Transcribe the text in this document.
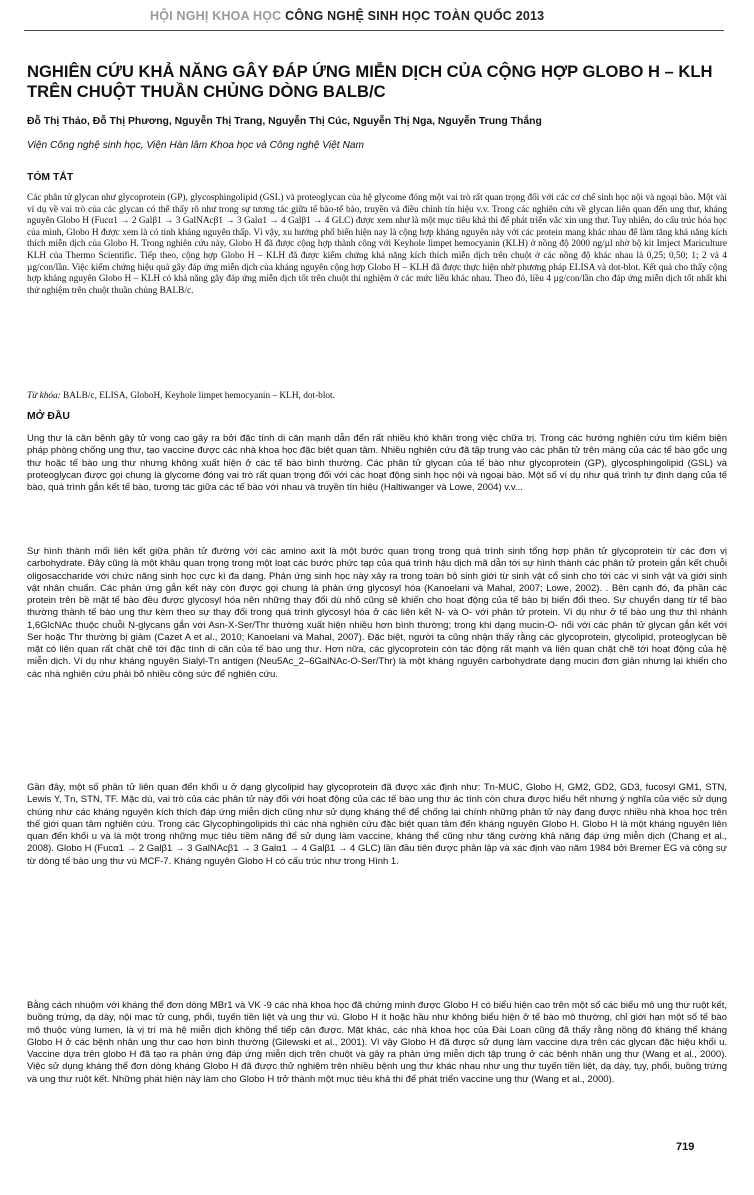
HỘI NGHỊ KHOA HỌC CÔNG NGHỆ SINH HỌC TOÀN QUỐC 2013
NGHIÊN CỨU KHẢ NĂNG GÂY ĐÁP ỨNG MIỄN DỊCH CỦA CỘNG HỢP GLOBO H – KLH TRÊN CHUỘT THUẦN CHỦNG DÒNG BALB/C
Đỗ Thị Thảo, Đỗ Thị Phương, Nguyễn Thị Trang, Nguyễn Thị Cúc, Nguyễn Thị Nga, Nguyễn Trung Thắng
Viện Công nghệ sinh học, Viện Hàn lâm Khoa học và Công nghệ Việt Nam
TÓM TẮT

Các phân tử glycan như glycoprotein (GP), glycosphingolipid (GSL) và proteoglycan của hệ glycome đóng một vai trò rất quan trọng đối với các cơ chế sinh học nội và ngoại bào. Một vài ví dụ về vai trò của các glycan có thể thấy rõ như trong sự tương tác giữa tế bào-tế bào, truyền và điều chỉnh tín hiệu v.v. Trong các nghiên cứu về glycan liên quan đến ung thư, kháng nguyên Globo H (Fucα1 → 2 Galβ1 → 3 GalNAcβ1 → 3 Galα1 → 4 Galβ1 → 4 GLC) được xem như là một mục tiêu khả thi để phát triển vắc xin ung thư. Tuy nhiên, do cấu trúc hóa học của mình, Globo H được xem là có tính kháng nguyên thấp. Vì vậy, xu hướng phổ biến hiện nay là cộng hợp kháng nguyên này với các protein mang khác nhau để làm tăng khả năng kích thích miễn dịch của Globo H. Trong nghiên cứu này, Globo H đã được cộng hợp thành công với Keyhole limpet hemocyanin (KLH) ở nồng độ 2000 ng/µl nhờ bộ kit Imject Mariculture KLH của Thermo Scientific. Tiếp theo, cộng hợp Globo H – KLH đã được kiểm chứng khả năng kích thích miễn dịch trên chuột ở các nồng độ khác nhau là 0,25; 0,50; 1; 2 và 4 µg/con/lần. Việc kiểm chứng hiệu quả gây đáp ứng miễn dịch của kháng nguyên cộng hợp Globo H – KLH đã được thực hiện nhờ phương pháp ELISA và dot-blot. Kết quả cho thấy cộng hợp kháng nguyên Globo H – KLH có khả năng gây đáp ứng miễn dịch tốt trên chuột thí nghiệm ở các mức liều khác nhau. Theo đó, liều 4 µg/con/lần cho đáp ứng miễn dịch tốt nhất khi thử nghiệm trên chuột thuần chủng BALB/c.

Từ khóa: BALB/c, ELISA, GloboH, Keyhole limpet hemocyanin – KLH, dot-blot.

MỞ ĐẦU

Ung thư là căn bệnh gây tử vong cao gây ra bởi đặc tính di căn mạnh dẫn đến rất nhiều khó khăn trong việc chữa trị. Trong các hướng nghiên cứu tìm kiếm biện pháp phòng chống ung thư, tạo vaccine được các nhà khoa học đặc biệt quan tâm. Nhiều nghiên cứu đã tập trung vào các phân tử trên màng của các tế bào gốc ung thư hoặc tế bào ung thư nhưng không xuất hiện ở các tế bào bình thường. Các phân tử glycan của tế bào như glycoprotein (GP), glycosphingolipid (GSL) và proteoglycan được gọi chung là glycome đóng vai trò rất quan trọng đối với các hoạt động sinh học nội và ngoại bào. Một số ví dụ như quá trình tự định dạng của tế bào, quá trình gắn kết tế bào, tương tác giữa các tế bào với nhau và truyền tín hiệu (Haltiwanger và Lowe, 2004) v.v...

Sự hình thành mối liên kết giữa phân tử đường với các amino axit là một bước quan trọng trong quá trình sinh tổng hợp phân tử glycoprotein từ các đơn vị carbohydrate. Đây cũng là một khâu quan trọng trong một loạt các bước phức tạp của quá trình hậu dịch mã dẫn tới sự hình thành các phân tử protein gắn kết chuỗi oligosaccharide với chức năng sinh học cực kì đa dạng. Phản ứng sinh học này xảy ra trong toàn bộ sinh giới từ sinh vật cổ sinh cho tới các vi sinh vật và giới sinh vật nhân chuẩn. Các phản ứng gắn kết này còn được gọi chung là phản ứng glycosyl hóa (Kanoelani và Mahal, 2007; Lowe, 2002). . Bên cạnh đó, đa phần các protein trên bề mặt tế bào đều được glycosyl hóa nên những thay đổi dù nhỏ cũng sẽ khiến cho hoạt động của tế bào bị biến đổi theo. Sự chuyển dạng từ tế bào thường thành tế bào ung thư kèm theo sự thay đổi trong quá trình glycosyl hóa ở các liên kết N- và O- với phân tử protein. Ví dụ như ở tế bào ung thư thì nhánh 1,6GlcNAc thuộc chuỗi N-glycans gắn với Asn-X-Ser/Thr thường xuất hiện nhiều hơn bình thường; trong khi dạng mucin-O- nối với các phân tử glycan gắn kết với Ser hoặc Thr thường bị giảm (Cazet A et al., 2010; Kanoelani và Mahal, 2007). Đặc biệt, người ta cũng nhận thấy rằng các glycoprotein, glycolipid, proteoglycan bề mặt có liên quan rất chặt chẽ tới đặc tính di căn của tế bào ung thư. Hơn nữa, các glycoprotein còn tác động rất mạnh và liên quan chặt chẽ tới hoạt động của hệ miễn dịch. Ví dụ như kháng nguyên Sialyl-Tn antigen (Neu5Ac_2–6GalNAc-O-Ser/Thr) là một kháng nguyên carbohydrate dạng mucin đơn giản nhưng lại khiến cho các nhà nghiên cứu phải bỏ nhiều công sức để nghiên cứu.

Gần đây, một số phân tử liên quan đến khối u ở dạng glycolipid hay glycoprotein đã được xác định như: Tn-MUC, Globo H, GM2, GD2, GD3, fucosyl GM1, STN, Lewis Y, Tn, STN, TF. Mặc dù, vai trò của các phân tử này đối với hoạt động của các tế bào ung thư ác tính còn chưa được hiểu hết nhưng ý nghĩa của việc sử dụng chúng như các kháng nguyên kích thích đáp ứng miễn dịch cũng như sử dụng kháng thể để chống lại chính những phân tử này đang được nhiều nhà khoa học trên thế giới quan tâm nghiên cứu. Trong các Glycophingolipids thì các nhà nghiên cứu đặc biệt quan tâm đến kháng nguyên Globo H. Globo H là một kháng nguyên liên quan đến khối u và là một trong những mục tiêu tiềm năng để sử dụng làm vaccine, kháng thể cũng như tăng cường khả năng đáp ứng miễn dịch (Chang et al., 2008). Globo H (Fucα1 → 2 Galβ1 → 3 GalNAcβ1 → 3 Galα1 → 4 Galβ1 → 4 GLC) lần đầu tiên được phân lập và xác định vào năm 1984 bởi Bremer EG và cộng sự từ dòng tế bào ung thư vú MCF-7. Kháng nguyên Globo H có cấu trúc như trong Hình 1.

Bằng cách nhuộm với kháng thể đơn dòng MBr1 và VK -9 các nhà khoa học đã chứng minh được Globo H có biểu hiện cao trên một số các biểu mô ung thư ruột kết, buồng trứng, dạ dày, nội mạc tử cung, phổi, tuyến tiền liệt và ung thư vú. Globo H ít hoặc hầu như không biểu hiện ở tế bào mô thường, chỉ giới hạn một số tế bào mô thuộc vùng lumen, là vị trí mà hệ miễn dịch không thể tiếp cận được. Mặt khác, các nhà khoa học của Đài Loan cũng đã thấy rằng nồng độ kháng thể kháng Globo H ở các bệnh nhân ung thư cao hơn bình thường (Gilewski et al., 2001). Vì vậy Globo H đã được sử dụng làm vaccine dựa trên các glycan đặc hiệu khối u. Vaccine dựa trên globo H đã tạo ra phản ứng đáp ứng miễn dịch trên chuột và gây ra phản ứng miễn dịch tập trung ở các bệnh nhân ung thư (Wang et al., 2000). Việc sử dụng kháng thể đơn dòng kháng Globo H đã được thử nghiệm trên nhiều bệnh ung thư khác nhau như ung thư tuyến tiền liệt, dạ dày, tụy, phổi, buồng trứng và ung thư ruột kết. Những phát hiện này làm cho Globo H trở thành một mục tiêu khả thi để phát triển vaccine ung thư (Wang et al., 2000).

719
